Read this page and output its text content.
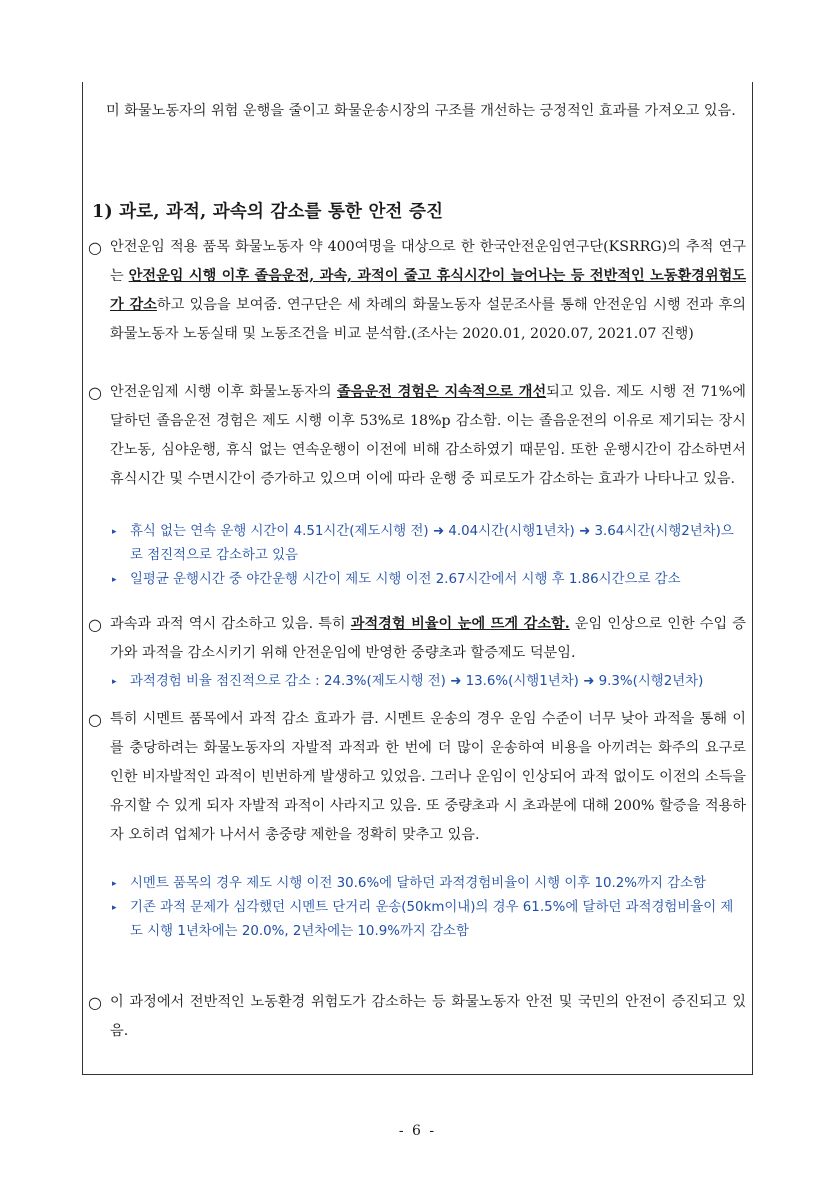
미 화물노동자의 위험 운행을 줄이고 화물운송시장의 구조를 개선하는 긍정적인 효과를 가져오고 있음.
1) 과로, 과적, 과속의 감소를 통한 안전 증진
○ 안전운임 적용 품목 화물노동자 약 400여명을 대상으로 한 한국안전운임연구단(KSRRG)의 추적 연구는 안전운임 시행 이후 졸음운전, 과속, 과적이 줄고 휴식시간이 늘어나는 등 전반적인 노동환경위험도가 감소하고 있음을 보여줌. 연구단은 세 차례의 화물노동자 설문조사를 통해 안전운임 시행 전과 후의 화물노동자 노동실태 및 노동조건을 비교 분석함.(조사는 2020.01, 2020.07, 2021.07 진행)
○ 안전운임제 시행 이후 화물노동자의 졸음운전 경험은 지속적으로 개선되고 있음. 제도 시행 전 71%에 달하던 졸음운전 경험은 제도 시행 이후 53%로 18%p 감소함. 이는 졸음운전의 이유로 제기되는 장시간노동, 심야운행, 휴식 없는 연속운행이 이전에 비해 감소하였기 때문임. 또한 운행시간이 감소하면서 휴식시간 및 수면시간이 증가하고 있으며 이에 따라 운행 중 피로도가 감소하는 효과가 나타나고 있음.
▸	휴식 없는 연속 운행 시간이 4.51시간(제도시행 전) ➜ 4.04시간(시행1년차) ➜ 3.64시간(시행2년차)으로 점진적으로 감소하고 있음
▸	일평균 운행시간 중 야간운행 시간이 제도 시행 이전 2.67시간에서 시행 후 1.86시간으로 감소
○ 과속과 과적 역시 감소하고 있음. 특히 과적경험 비율이 눈에 뜨게 감소함. 운임 인상으로 인한 수입 증가와 과적을 감소시키기 위해 안전운임에 반영한 중량초과 할증제도 덕분임.
▸	과적경험 비율 점진적으로 감소 : 24.3%(제도시행 전) ➜ 13.6%(시행1년차) ➜ 9.3%(시행2년차)
○ 특히 시멘트 품목에서 과적 감소 효과가 큼. 시멘트 운송의 경우 운임 수준이 너무 낮아 과적을 통해 이를 충당하려는 화물노동자의 자발적 과적과 한 번에 더 많이 운송하여 비용을 아끼려는 화주의 요구로 인한 비자발적인 과적이 빈번하게 발생하고 있었음. 그러나 운임이 인상되어 과적 없이도 이전의 소득을 유지할 수 있게 되자 자발적 과적이 사라지고 있음. 또 중량초과 시 초과분에 대해 200% 할증을 적용하자 오히려 업체가 나서서 총중량 제한을 정확히 맞추고 있음.
▸	시멘트 품목의 경우 제도 시행 이전 30.6%에 달하던 과적경험비율이 시행 이후 10.2%까지 감소함
▸	기존 과적 문제가 심각했던 시멘트 단거리 운송(50km이내)의 경우 61.5%에 달하던 과적경험비율이 제도 시행 1년차에는 20.0%, 2년차에는 10.9%까지 감소함
○ 이 과정에서 전반적인 노동환경 위험도가 감소하는 등 화물노동자 안전 및 국민의 안전이 증진되고 있음.
- 6 -
